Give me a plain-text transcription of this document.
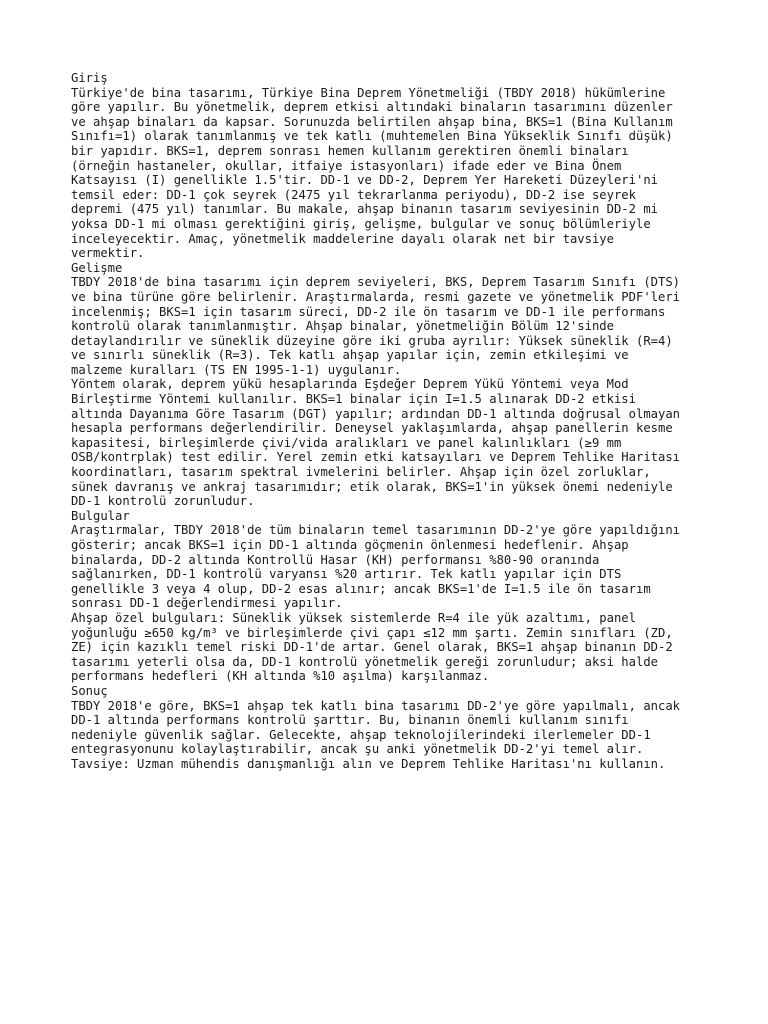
Giriş
Türkiye'de bina tasarımı, Türkiye Bina Deprem Yönetmeliği (TBDY 2018) hükümlerine
göre yapılır. Bu yönetmelik, deprem etkisi altındaki binaların tasarımını düzenler
ve ahşap binaları da kapsar. Sorunuzda belirtilen ahşap bina, BKS=1 (Bina Kullanım
Sınıfı=1) olarak tanımlanmış ve tek katlı (muhtemelen Bina Yükseklik Sınıfı düşük)
bir yapıdır. BKS=1, deprem sonrası hemen kullanım gerektiren önemli binaları
(örneğin hastaneler, okullar, itfaiye istasyonları) ifade eder ve Bina Önem
Katsayısı (I) genellikle 1.5'tir. DD-1 ve DD-2, Deprem Yer Hareketi Düzeyleri'ni
temsil eder: DD-1 çok seyrek (2475 yıl tekrarlanma periyodu), DD-2 ise seyrek
depremi (475 yıl) tanımlar. Bu makale, ahşap binanın tasarım seviyesinin DD-2 mi
yoksa DD-1 mi olması gerektiğini giriş, gelişme, bulgular ve sonuç bölümleriyle
inceleyecektir. Amaç, yönetmelik maddelerine dayalı olarak net bir tavsiye
vermektir.
Gelişme
TBDY 2018'de bina tasarımı için deprem seviyeleri, BKS, Deprem Tasarım Sınıfı (DTS)
ve bina türüne göre belirlenir. Araştırmalarda, resmi gazete ve yönetmelik PDF'leri
incelenmiş; BKS=1 için tasarım süreci, DD-2 ile ön tasarım ve DD-1 ile performans
kontrolü olarak tanımlanmıştır. Ahşap binalar, yönetmeliğin Bölüm 12'sinde
detaylandırılır ve süneklik düzeyine göre iki gruba ayrılır: Yüksek süneklik (R=4)
ve sınırlı süneklik (R=3). Tek katlı ahşap yapılar için, zemin etkileşimi ve
malzeme kuralları (TS EN 1995-1-1) uygulanır.
Yöntem olarak, deprem yükü hesaplarında Eşdeğer Deprem Yükü Yöntemi veya Mod
Birleştirme Yöntemi kullanılır. BKS=1 binalar için I=1.5 alınarak DD-2 etkisi
altında Dayanıma Göre Tasarım (DGT) yapılır; ardından DD-1 altında doğrusal olmayan
hesapla performans değerlendirilir. Deneysel yaklaşımlarda, ahşap panellerin kesme
kapasitesi, birleşimlerde çivi/vida aralıkları ve panel kalınlıkları (≥9 mm
OSB/kontrplak) test edilir. Yerel zemin etki katsayıları ve Deprem Tehlike Haritası
koordinatları, tasarım spektral ivmelerini belirler. Ahşap için özel zorluklar,
sünek davranış ve ankraj tasarımıdır; etik olarak, BKS=1'in yüksek önemi nedeniyle
DD-1 kontrolü zorunludur.
Bulgular
Araştırmalar, TBDY 2018'de tüm binaların temel tasarımının DD-2'ye göre yapıldığını
gösterir; ancak BKS=1 için DD-1 altında göçmenin önlenmesi hedeflenir. Ahşap
binalarda, DD-2 altında Kontrollü Hasar (KH) performansı %80-90 oranında
sağlanırken, DD-1 kontrolü varyansı %20 artırır. Tek katlı yapılar için DTS
genellikle 3 veya 4 olup, DD-2 esas alınır; ancak BKS=1'de I=1.5 ile ön tasarım
sonrası DD-1 değerlendirmesi yapılır.
Ahşap özel bulguları: Süneklik yüksek sistemlerde R=4 ile yük azaltımı, panel
yoğunluğu ≥650 kg/m³ ve birleşimlerde çivi çapı ≤12 mm şartı. Zemin sınıfları (ZD,
ZE) için kazıklı temel riski DD-1'de artar. Genel olarak, BKS=1 ahşap binanın DD-2
tasarımı yeterli olsa da, DD-1 kontrolü yönetmelik gereği zorunludur; aksi halde
performans hedefleri (KH altında %10 aşılma) karşılanmaz.
Sonuç
TBDY 2018'e göre, BKS=1 ahşap tek katlı bina tasarımı DD-2'ye göre yapılmalı, ancak
DD-1 altında performans kontrolü şarttır. Bu, binanın önemli kullanım sınıfı
nedeniyle güvenlik sağlar. Gelecekte, ahşap teknolojilerindeki ilerlemeler DD-1
entegrasyonunu kolaylaştırabilir, ancak şu anki yönetmelik DD-2'yi temel alır.
Tavsiye: Uzman mühendis danışmanlığı alın ve Deprem Tehlike Haritası'nı kullanın.
